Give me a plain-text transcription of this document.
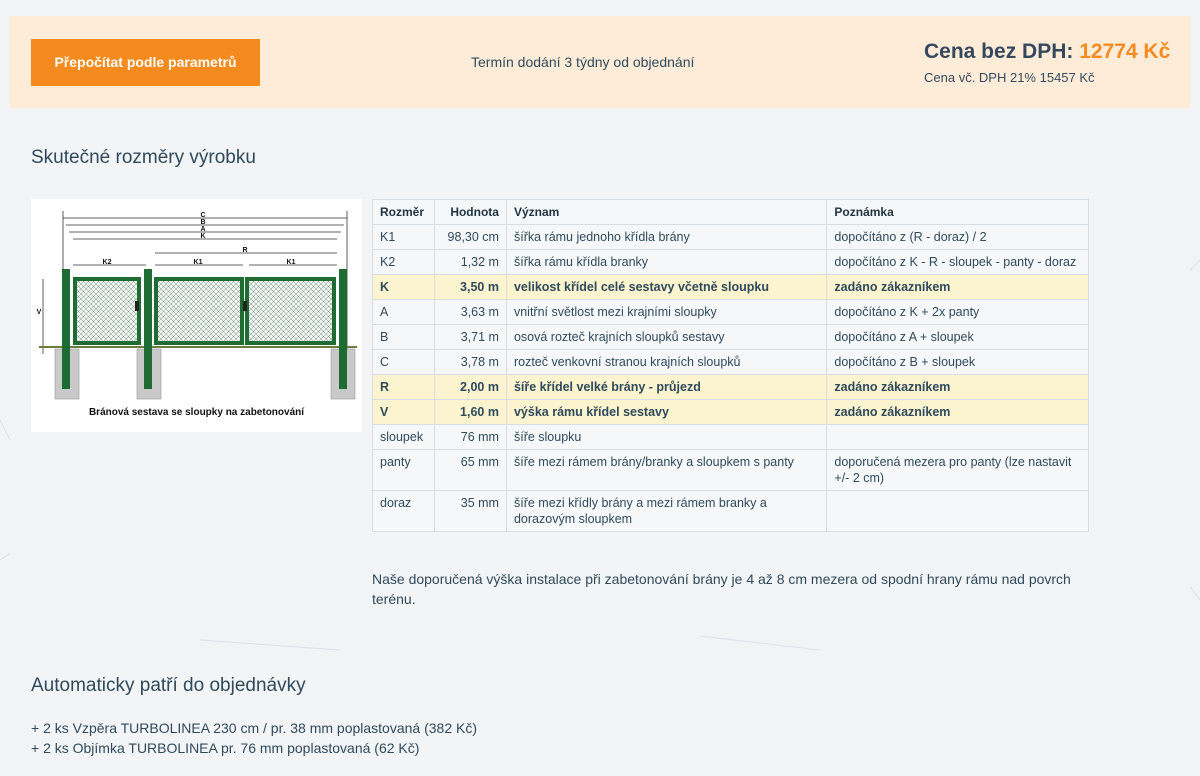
Přepočítat podle parametrů	Termín dodání 3 týdny od objednání	Cena bez DPH: 12774 Kč
Cena vč. DPH 21% 15457 Kč
Skutečné rozměry výrobku
C
B
A
K
R
K2	K1	K1
V
Bránová sestava se sloupky na zabetonování
Rozměr	Hodnota	Význam	Poznámka
K1	98,30 cm	šířka rámu jednoho křídla brány	dopočítáno z (R - doraz) / 2
K2	1,32 m	šířka rámu křídla branky	dopočítáno z K - R - sloupek - panty - doraz
K	3,50 m	velikost křídel celé sestavy včetně sloupku	zadáno zákazníkem
A	3,63 m	vnitřní světlost mezi krajními sloupky	dopočítáno z K + 2x panty
B	3,71 m	osová rozteč krajních sloupků sestavy	dopočítáno z A + sloupek
C	3,78 m	rozteč venkovní stranou krajních sloupků	dopočítáno z B + sloupek
R	2,00 m	šíře křídel velké brány - průjezd	zadáno zákazníkem
V	1,60 m	výška rámu křídel sestavy	zadáno zákazníkem
sloupek	76 mm	šíře sloupku	
panty	65 mm	šíře mezi rámem brány/branky a sloupkem s panty	doporučená mezera pro panty (lze nastavit +/- 2 cm)
doraz	35 mm	šíře mezi křídly brány a mezi rámem branky a dorazovým sloupkem	

Naše doporučená výška instalace při zabetonování brány je 4 až 8 cm mezera od spodní hrany rámu nad povrch terénu.

Automaticky patří do objednávky
+ 2 ks Vzpěra TURBOLINEA 230 cm / pr. 38 mm poplastovaná (382 Kč)
+ 2 ks Objímka TURBOLINEA pr. 76 mm poplastovaná (62 Kč)
